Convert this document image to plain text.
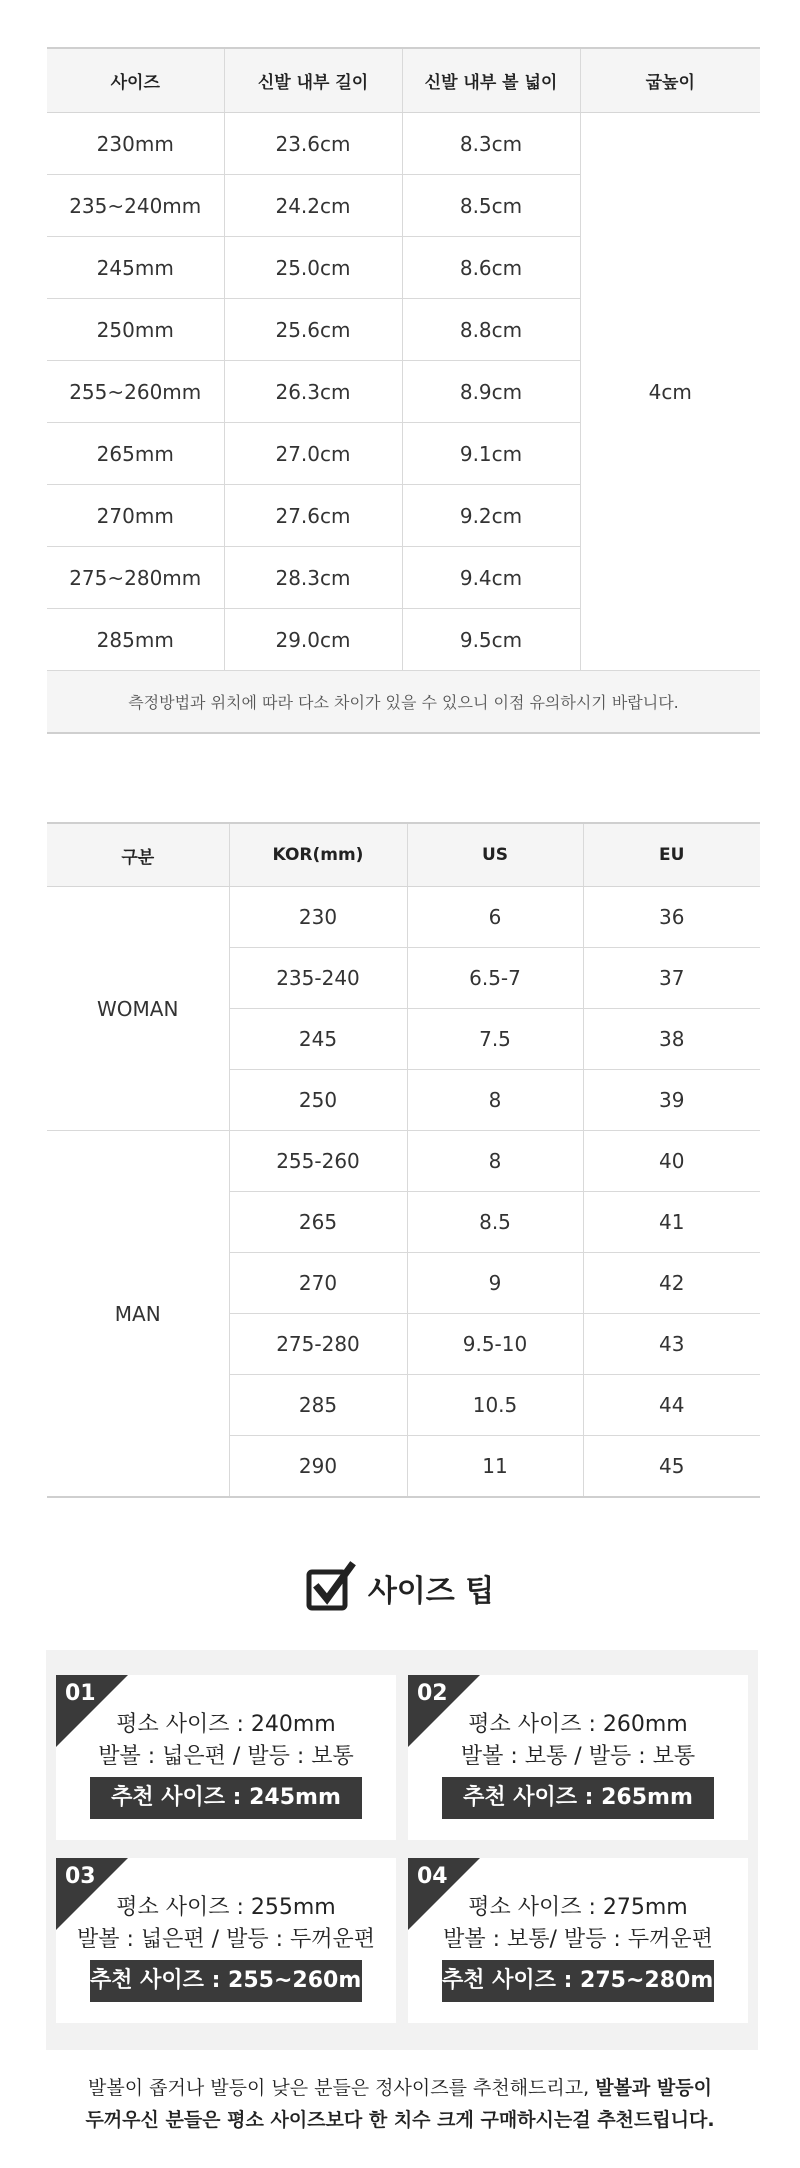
사이즈	신발 내부 길이	신발 내부 볼 넓이	굽높이
230mm	23.6cm	8.3cm	4cm
235~240mm	24.2cm	8.5cm	
245mm	25.0cm	8.6cm	
250mm	25.6cm	8.8cm	
255~260mm	26.3cm	8.9cm	
265mm	27.0cm	9.1cm	
270mm	27.6cm	9.2cm	
275~280mm	28.3cm	9.4cm	
285mm	29.0cm	9.5cm	
측정방법과 위치에 따라 다소 차이가 있을 수 있으니 이점 유의하시기 바랍니다.			
구분	KOR(mm)	US	EU
WOMAN	230	6	36
	235-240	6.5-7	37
	245	7.5	38
	250	8	39
MAN	255-260	8	40
	265	8.5	41
	270	9	42
	275-280	9.5-10	43
	285	10.5	44
	290	11	45
사이즈 팁
01
평소 사이즈 : 240mm
발볼 : 넓은편 / 발등 : 보통
추천 사이즈 : 245mm
02
평소 사이즈 : 260mm
발볼 : 보통 / 발등 : 보통
추천 사이즈 : 265mm
03
평소 사이즈 : 255mm
발볼 : 넓은편 / 발등 : 두꺼운편
추천 사이즈 : 255~260mm
04
평소 사이즈 : 275mm
발볼 : 보통/ 발등 : 두꺼운편
추천 사이즈 : 275~280mm
발볼이 좁거나 발등이 낮은 분들은 정사이즈를 추천해드리고, 발볼과 발등이
두꺼우신 분들은 평소 사이즈보다 한 치수 크게 구매하시는걸 추천드립니다.
